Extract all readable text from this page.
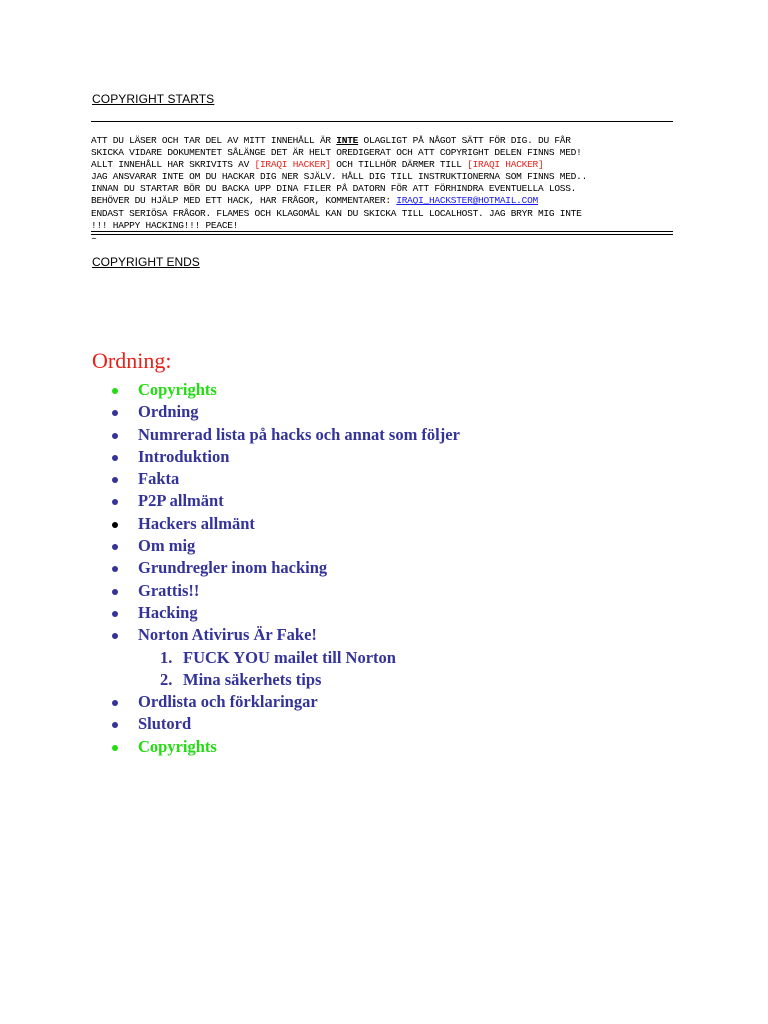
COPYRIGHT STARTS
ATT DU LÄSER OCH TAR DEL AV MITT INNEHÅLL ÄR INTE OLAGLIGT PÅ NÅGOT SÄTT FÖR DIG. DU FÅR
SKICKA VIDARE DOKUMENTET SÅLÄNGE DET ÄR HELT OREDIGERAT OCH ATT COPYRIGHT DELEN FINNS MED!
ALLT INNEHÅLL HAR SKRIVITS AV [IRAQI HACKER] OCH TILLHÖR DÄRMER TILL [IRAQI HACKER]
JAG ANSVARAR INTE OM DU HACKAR DIG NER SJÄLV. HÅLL DIG TILL INSTRUKTIONERNA SOM FINNS MED..
INNAN DU STARTAR BÖR DU BACKA UPP DINA FILER PÅ DATORN FÖR ATT FÖRHINDRA EVENTUELLA LOSS.
BEHÖVER DU HJÄLP MED ETT HACK, HAR FRÅGOR, KOMMENTARER: IRAQI_HACKSTER@HOTMAIL.COM
ENDAST SERIÖSA FRÅGOR. FLAMES OCH KLAGOMÅL KAN DU SKICKA TILL LOCALHOST. JAG BRYR MIG INTE
!!! HAPPY HACKING!!! PEACE!
–
COPYRIGHT ENDS
Ordning:
Copyrights
Ordning
Numrerad lista på hacks och annat som följer
Introduktion
Fakta
P2P allmänt
Hackers allmänt
Om mig
Grundregler inom hacking
Grattis!!
Hacking
Norton Ativirus Är Fake!
1. FUCK YOU mailet till Norton
2. Mina säkerhets tips
Ordlista och förklaringar
Slutord
Copyrights
